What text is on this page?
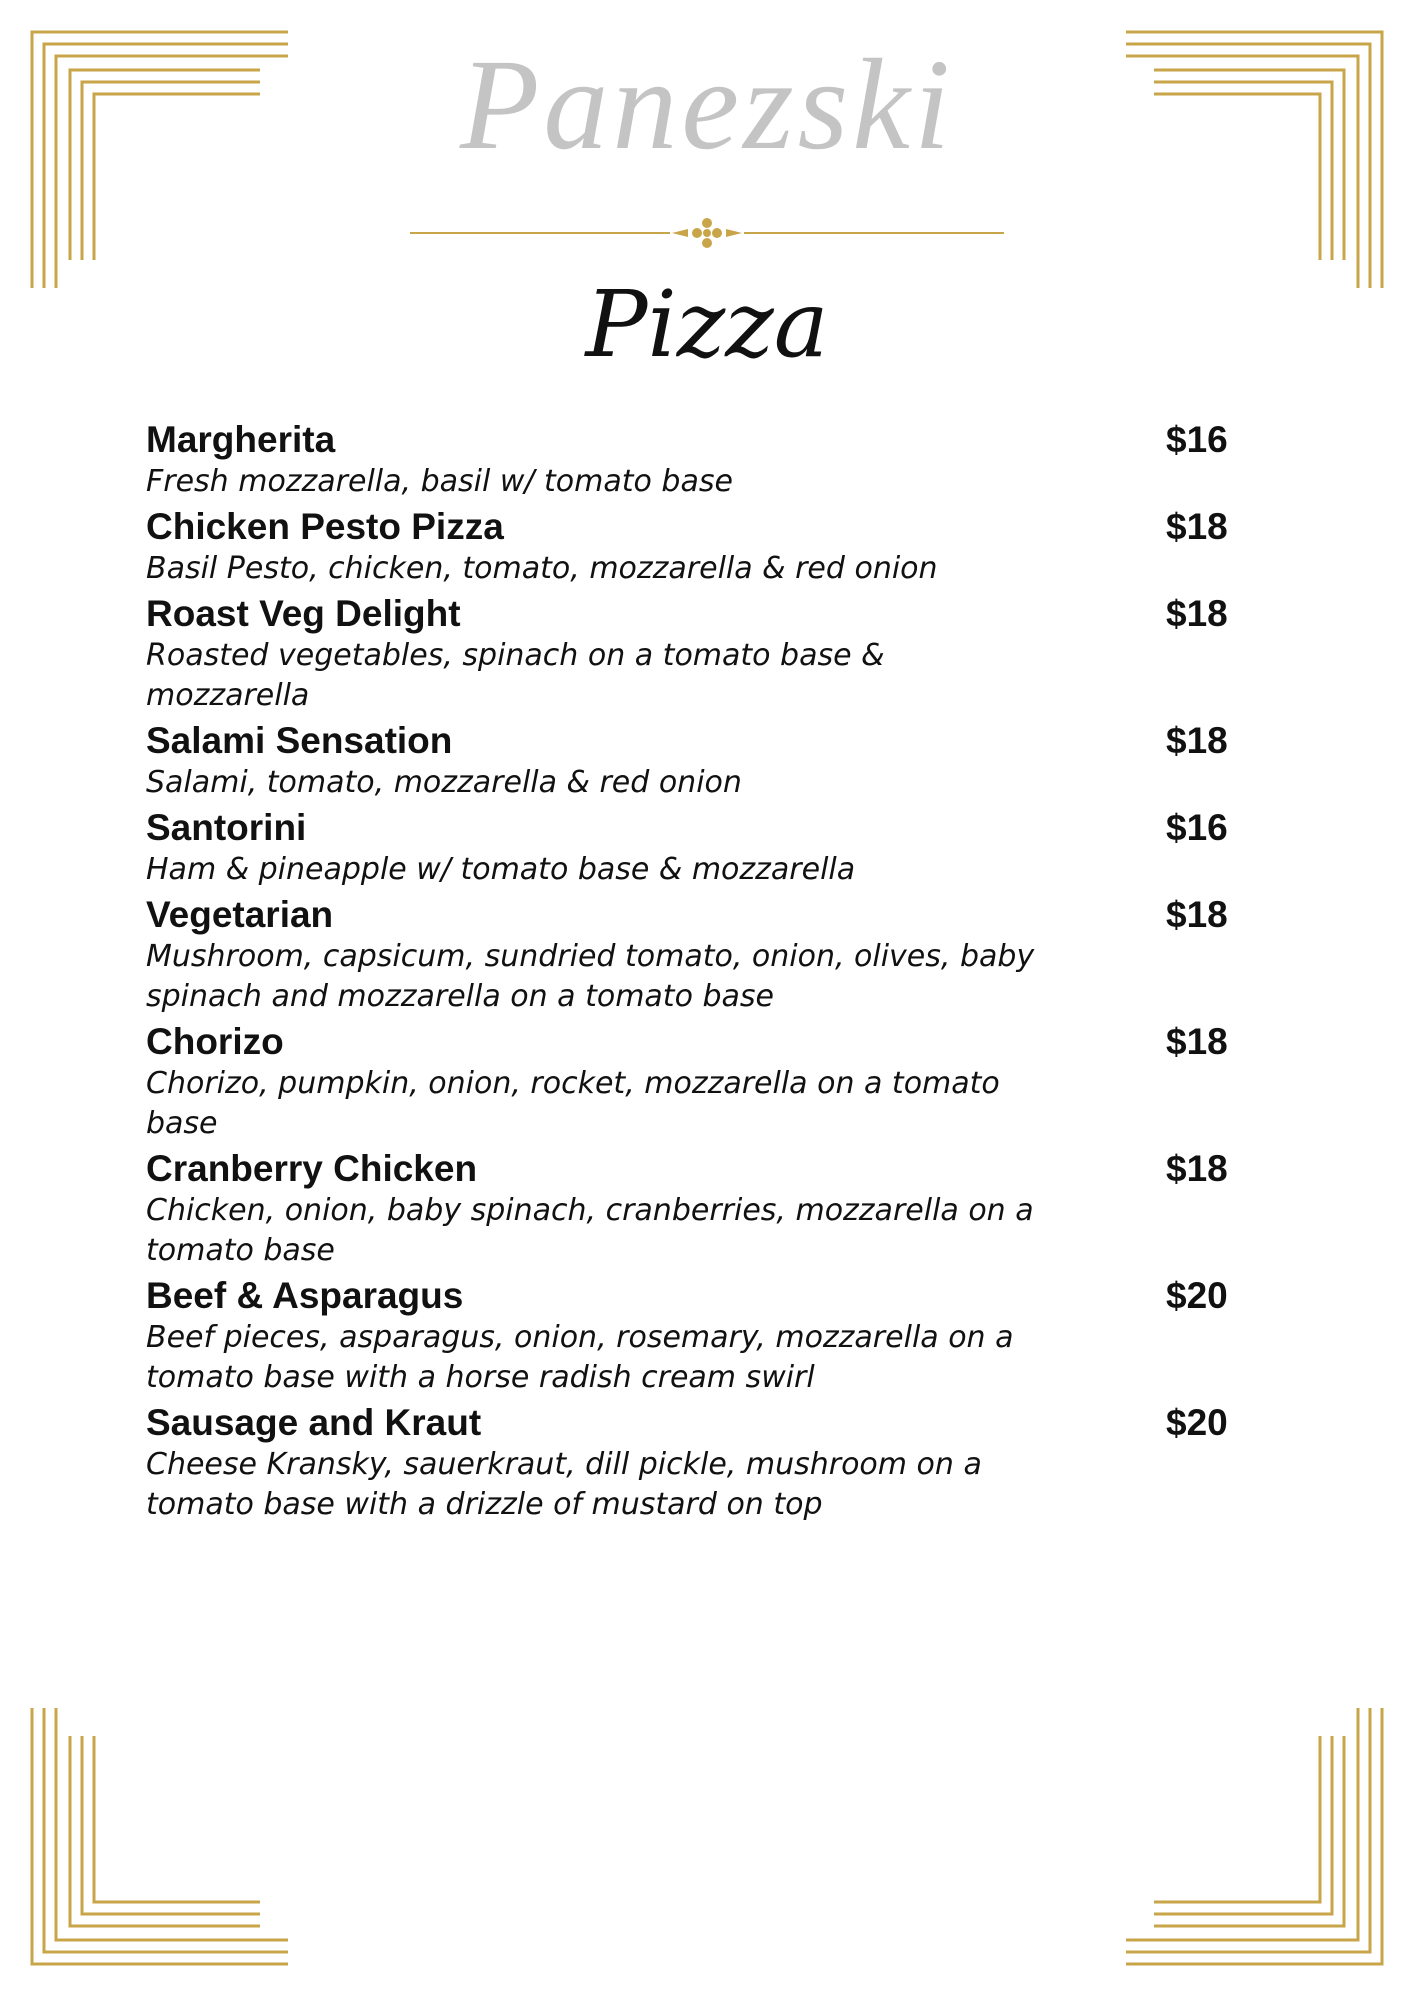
Panezski
Pizza
Margherita	$16
Fresh mozzarella, basil w/ tomato base
Chicken Pesto Pizza	$18
Basil Pesto, chicken, tomato, mozzarella & red onion
Roast Veg Delight	$18
Roasted vegetables, spinach on a tomato base & mozzarella
Salami Sensation	$18
Salami, tomato, mozzarella & red onion
Santorini	$16
Ham & pineapple w/ tomato base & mozzarella
Vegetarian	$18
Mushroom, capsicum, sundried tomato, onion, olives, baby spinach and mozzarella on a tomato base
Chorizo	$18
Chorizo, pumpkin, onion, rocket, mozzarella on a tomato base
Cranberry Chicken	$18
Chicken, onion, baby spinach, cranberries, mozzarella on a tomato base
Beef & Asparagus	$20
Beef pieces, asparagus, onion, rosemary, mozzarella on a tomato base with a horse radish cream swirl
Sausage and Kraut	$20
Cheese Kransky, sauerkraut, dill pickle, mushroom on a tomato base with a drizzle of mustard on top
